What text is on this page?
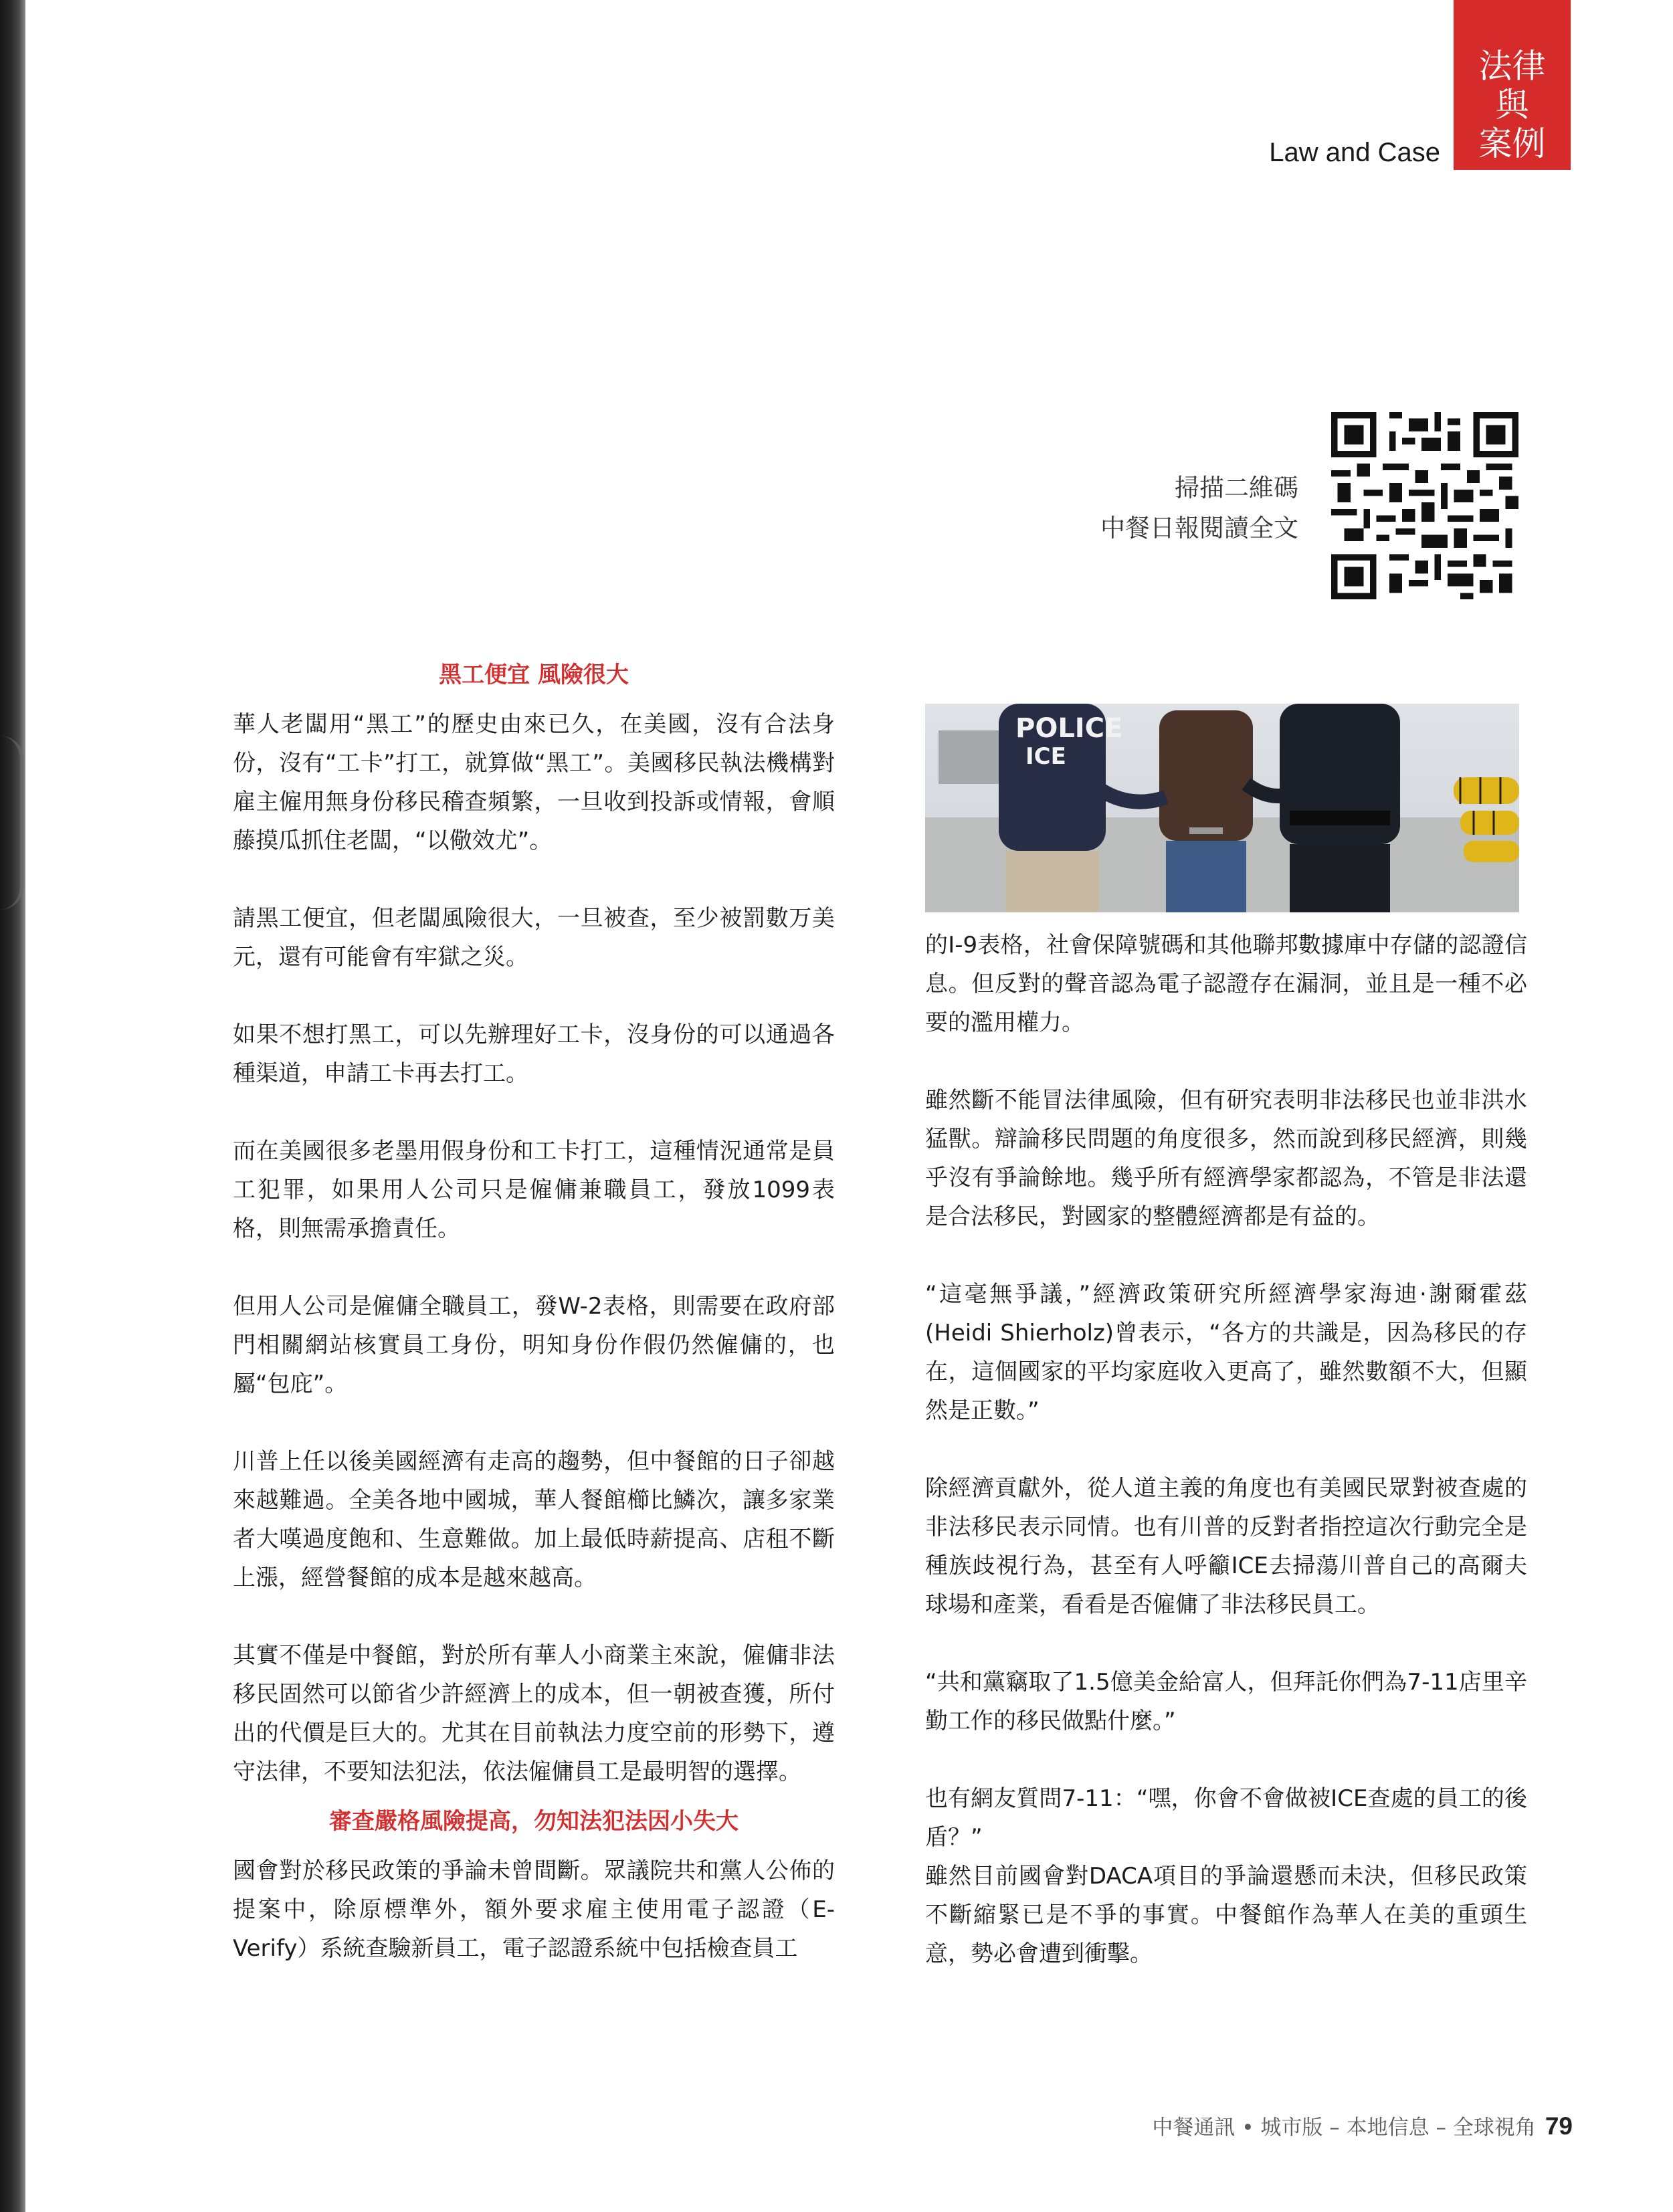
法律
與
案例
Law and Case
掃描二維碼
中餐日報閱讀全文
黑工便宜 風險很大

華人老闆用“黑工”的歷史由來已久，在美國，沒有合法身份，沒有“工卡”打工，就算做“黑工”。美國移民執法機構對雇主僱用無身份移民稽查頻繁，一旦收到投訴或情報，會順藤摸瓜抓住老闆，“以儆效尤”。

請黑工便宜，但老闆風險很大，一旦被查，至少被罰數万美元，還有可能會有牢獄之災。

如果不想打黑工，可以先辦理好工卡，沒身份的可以通過各種渠道，申請工卡再去打工。

而在美國很多老墨用假身份和工卡打工，這種情況通常是員工犯罪，如果用人公司只是僱傭兼職員工，發放1099表格，則無需承擔責任。

但用人公司是僱傭全職員工，發W-2表格，則需要在政府部門相關網站核實員工身份，明知身份作假仍然僱傭的，也屬“包庇”。

川普上任以後美國經濟有走高的趨勢，但中餐館的日子卻越來越難過。全美各地中國城，華人餐館櫛比鱗次，讓多家業者大嘆過度飽和、生意難做。加上最低時薪提高、店租不斷上漲，經營餐館的成本是越來越高。

其實不僅是中餐館，對於所有華人小商業主來說，僱傭非法移民固然可以節省少許經濟上的成本，但一朝被查獲，所付出的代價是巨大的。尤其在目前執法力度空前的形勢下，遵守法律，不要知法犯法，依法僱傭員工是最明智的選擇。

審查嚴格風險提高，勿知法犯法因小失大

國會對於移民政策的爭論未曾間斷。眾議院共和黨人公佈的提案中，除原標準外，額外要求雇主使用電子認證（E-Verify）系統查驗新員工，電子認證系統中包括檢查員工

POLICE
ICE

的I-9表格，社會保障號碼和其他聯邦數據庫中存儲的認證信息。但反對的聲音認為電子認證存在漏洞，並且是一種不必要的濫用權力。

雖然斷不能冒法律風險，但有研究表明非法移民也並非洪水猛獸。辯論移民問題的角度很多，然而說到移民經濟，則幾乎沒有爭論餘地。幾乎所有經濟學家都認為，不管是非法還是合法移民，對國家的整體經濟都是有益的。

“這毫無爭議，”經濟政策研究所經濟學家海迪·謝爾霍茲(Heidi Shierholz)曾表示，“各方的共識是，因為移民的存在，這個國家的平均家庭收入更高了，雖然數額不大，但顯然是正數。”

除經濟貢獻外，從人道主義的角度也有美國民眾對被查處的非法移民表示同情。也有川普的反對者指控這次行動完全是種族歧視行為，甚至有人呼籲ICE去掃蕩川普自己的高爾夫球場和產業，看看是否僱傭了非法移民員工。

“共和黨竊取了1.5億美金給富人，但拜託你們為7-11店里辛勤工作的移民做點什麼。”

也有網友質問7-11：“嘿，你會不會做被ICE查處的員工的後盾？”

雖然目前國會對DACA項目的爭論還懸而未決，但移民政策不斷縮緊已是不爭的事實。中餐館作為華人在美的重頭生意，勢必會遭到衝擊。

中餐通訊 • 城市版 – 本地信息 – 全球視角 79
